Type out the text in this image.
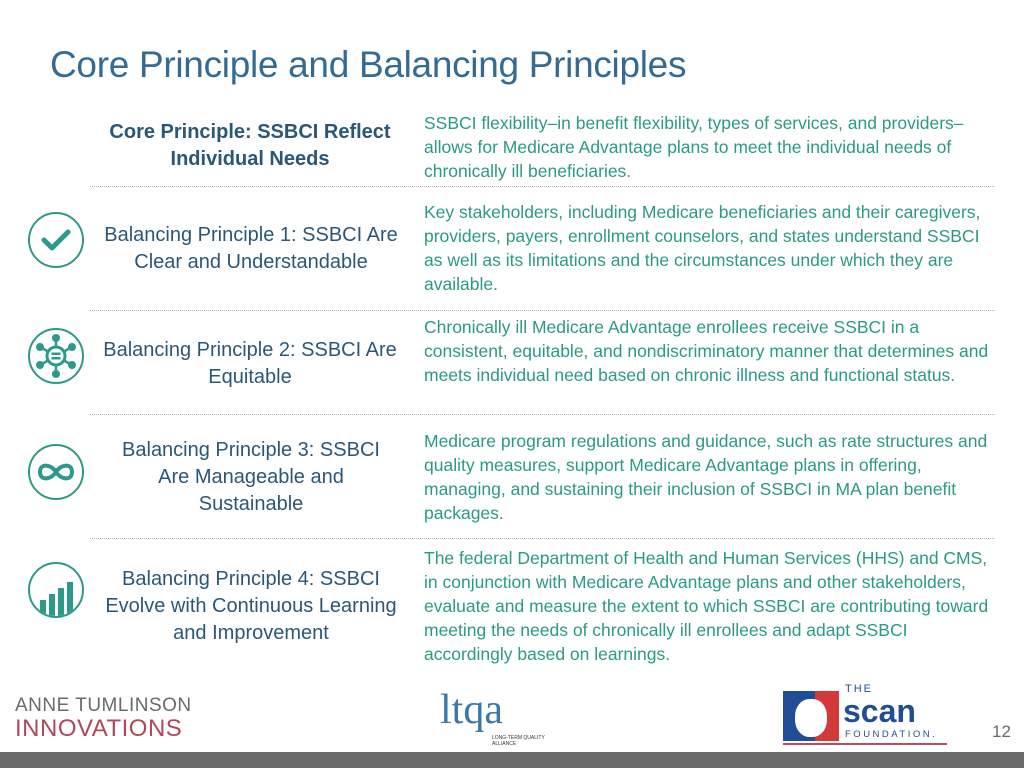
Core Principle and Balancing Principles
Core Principle: SSBCI Reflect Individual Needs
SSBCI flexibility–in benefit flexibility, types of services, and providers–allows for Medicare Advantage plans to meet the individual needs of chronically ill beneficiaries.
Balancing Principle 1: SSBCI Are Clear and Understandable
Key stakeholders, including Medicare beneficiaries and their caregivers, providers, payers, enrollment counselors, and states understand SSBCI as well as its limitations and the circumstances under which they are available.
Balancing Principle 2: SSBCI Are Equitable
Chronically ill Medicare Advantage enrollees receive SSBCI in a consistent, equitable, and nondiscriminatory manner that determines and meets individual need based on chronic illness and functional status.
Balancing Principle 3: SSBCI Are Manageable and Sustainable
Medicare program regulations and guidance, such as rate structures and quality measures, support Medicare Advantage plans in offering, managing, and sustaining their inclusion of SSBCI in MA plan benefit packages.
Balancing Principle 4: SSBCI Evolve with Continuous Learning and Improvement
The federal Department of Health and Human Services (HHS) and CMS, in conjunction with Medicare Advantage plans and other stakeholders, evaluate and measure the extent to which SSBCI are contributing toward meeting the needs of chronically ill enrollees and adapt SSBCI accordingly based on learnings.
ANNE TUMLINSON
INNOVATIONS	ltqa
LONG-TERM QUALITY ALLIANCE
THE
scan
FOUNDATION.	12
